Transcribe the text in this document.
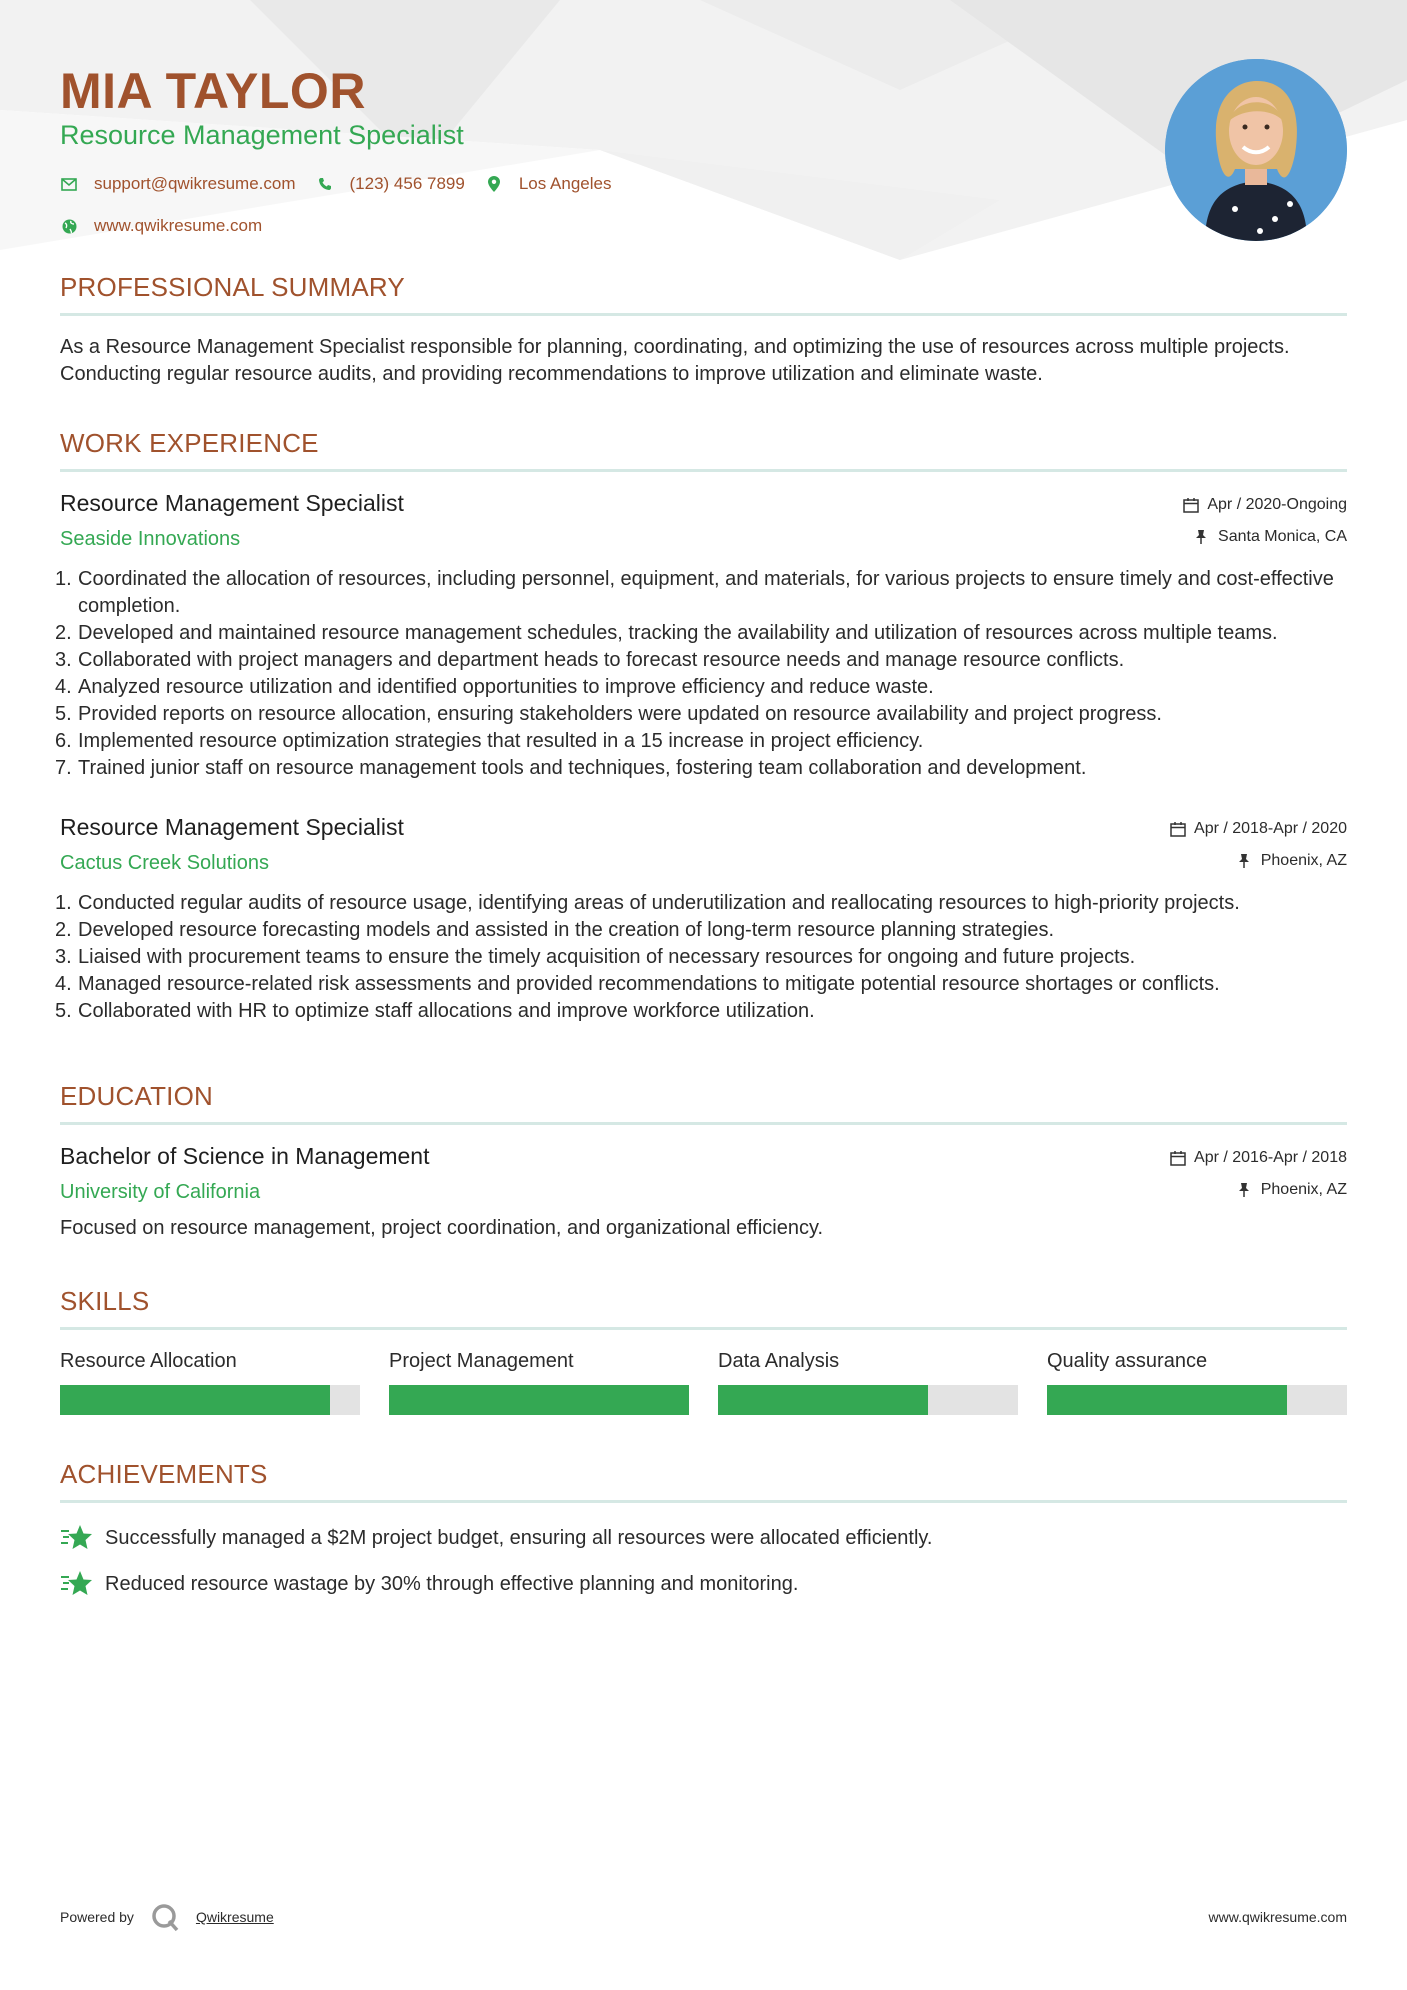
MIA TAYLOR
Resource Management Specialist
support@qwikresume.com	(123) 456 7899	Los Angeles
www.qwikresume.com
PROFESSIONAL SUMMARY
As a Resource Management Specialist responsible for planning, coordinating, and optimizing the use of resources across multiple projects. Conducting regular resource audits, and providing recommendations to improve utilization and eliminate waste.
WORK EXPERIENCE
Resource Management Specialist
Seaside Innovations
Apr / 2020-Ongoing
Santa Monica, CA
1. Coordinated the allocation of resources, including personnel, equipment, and materials, for various projects to ensure timely and cost-effective completion.
2. Developed and maintained resource management schedules, tracking the availability and utilization of resources across multiple teams.
3. Collaborated with project managers and department heads to forecast resource needs and manage resource conflicts.
4. Analyzed resource utilization and identified opportunities to improve efficiency and reduce waste.
5. Provided reports on resource allocation, ensuring stakeholders were updated on resource availability and project progress.
6. Implemented resource optimization strategies that resulted in a 15 increase in project efficiency.
7. Trained junior staff on resource management tools and techniques, fostering team collaboration and development.
Resource Management Specialist
Cactus Creek Solutions
Apr / 2018-Apr / 2020
Phoenix, AZ
1. Conducted regular audits of resource usage, identifying areas of underutilization and reallocating resources to high-priority projects.
2. Developed resource forecasting models and assisted in the creation of long-term resource planning strategies.
3. Liaised with procurement teams to ensure the timely acquisition of necessary resources for ongoing and future projects.
4. Managed resource-related risk assessments and provided recommendations to mitigate potential resource shortages or conflicts.
5. Collaborated with HR to optimize staff allocations and improve workforce utilization.
EDUCATION
Bachelor of Science in Management
University of California
Apr / 2016-Apr / 2018
Phoenix, AZ
Focused on resource management, project coordination, and organizational efficiency.
SKILLS
Resource Allocation	Project Management	Data Analysis	Quality assurance
ACHIEVEMENTS
Successfully managed a $2M project budget, ensuring all resources were allocated efficiently.
Reduced resource wastage by 30% through effective planning and monitoring.
Powered by	Qwikresume	www.qwikresume.com
